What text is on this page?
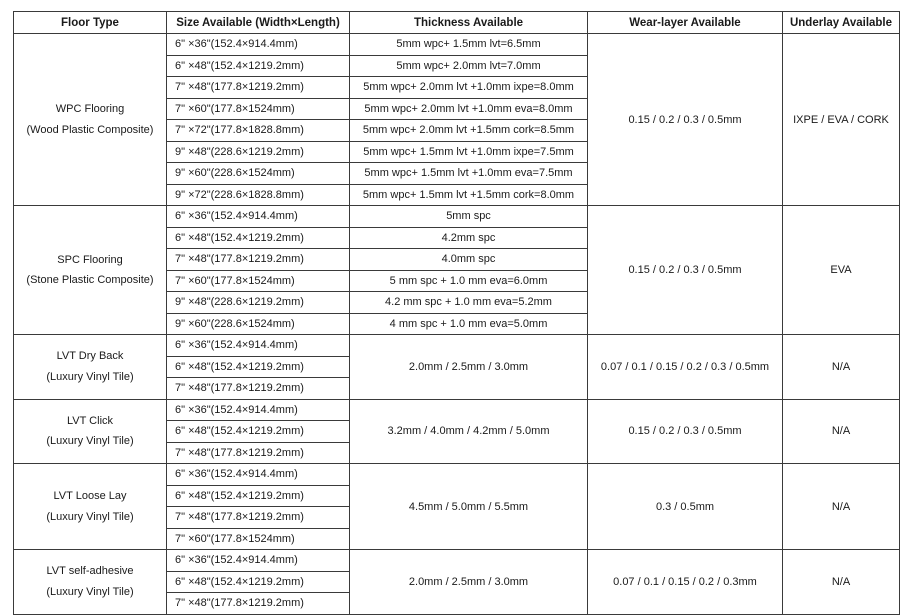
Floor Type	Size Available (Width×Length)	Thickness Available	Wear-layer Available	Underlay Available

WPC Flooring
(Wood Plastic Composite)	6" ×36"(152.4×914.4mm)	5mm wpc+ 1.5mm lvt=6.5mm	0.15 / 0.2 / 0.3 / 0.5mm	IXPE / EVA / CORK
	6" ×48"(152.4×1219.2mm)	5mm wpc+ 2.0mm lvt=7.0mm		
	7" ×48"(177.8×1219.2mm)	5mm wpc+ 2.0mm lvt +1.0mm ixpe=8.0mm		
	7" ×60"(177.8×1524mm)	5mm wpc+ 2.0mm lvt +1.0mm eva=8.0mm		
	7" ×72"(177.8×1828.8mm)	5mm wpc+ 2.0mm lvt +1.5mm cork=8.5mm		
	9" ×48"(228.6×1219.2mm)	5mm wpc+ 1.5mm lvt +1.0mm ixpe=7.5mm		
	9" ×60"(228.6×1524mm)	5mm wpc+ 1.5mm lvt +1.0mm eva=7.5mm		
	9" ×72"(228.6×1828.8mm)	5mm wpc+ 1.5mm lvt +1.5mm cork=8.0mm		

SPC Flooring
(Stone Plastic Composite)	6" ×36"(152.4×914.4mm)	5mm spc	0.15 / 0.2 / 0.3 / 0.5mm	EVA
	6" ×48"(152.4×1219.2mm)	4.2mm spc		
	7" ×48"(177.8×1219.2mm)	4.0mm spc		
	7" ×60"(177.8×1524mm)	5 mm spc + 1.0 mm eva=6.0mm		
	9" ×48"(228.6×1219.2mm)	4.2 mm spc + 1.0 mm eva=5.2mm		
	9" ×60"(228.6×1524mm)	4 mm spc + 1.0 mm eva=5.0mm		

LVT Dry Back
(Luxury Vinyl Tile)	6" ×36"(152.4×914.4mm)	2.0mm / 2.5mm / 3.0mm	0.07 / 0.1 / 0.15 / 0.2 / 0.3 / 0.5mm	N/A
	6" ×48"(152.4×1219.2mm)			
	7" ×48"(177.8×1219.2mm)			

LVT Click
(Luxury Vinyl Tile)	6" ×36"(152.4×914.4mm)	3.2mm / 4.0mm / 4.2mm / 5.0mm	0.15 / 0.2 / 0.3 / 0.5mm	N/A
	6" ×48"(152.4×1219.2mm)			
	7" ×48"(177.8×1219.2mm)			

LVT Loose Lay
(Luxury Vinyl Tile)	6" ×36"(152.4×914.4mm)	4.5mm / 5.0mm / 5.5mm	0.3 / 0.5mm	N/A
	6" ×48"(152.4×1219.2mm)			
	7" ×48"(177.8×1219.2mm)			
	7" ×60"(177.8×1524mm)			

LVT self-adhesive
(Luxury Vinyl Tile)	6" ×36"(152.4×914.4mm)	2.0mm / 2.5mm / 3.0mm	0.07 / 0.1 / 0.15 / 0.2 / 0.3mm	N/A
	6" ×48"(152.4×1219.2mm)			
	7" ×48"(177.8×1219.2mm)			
